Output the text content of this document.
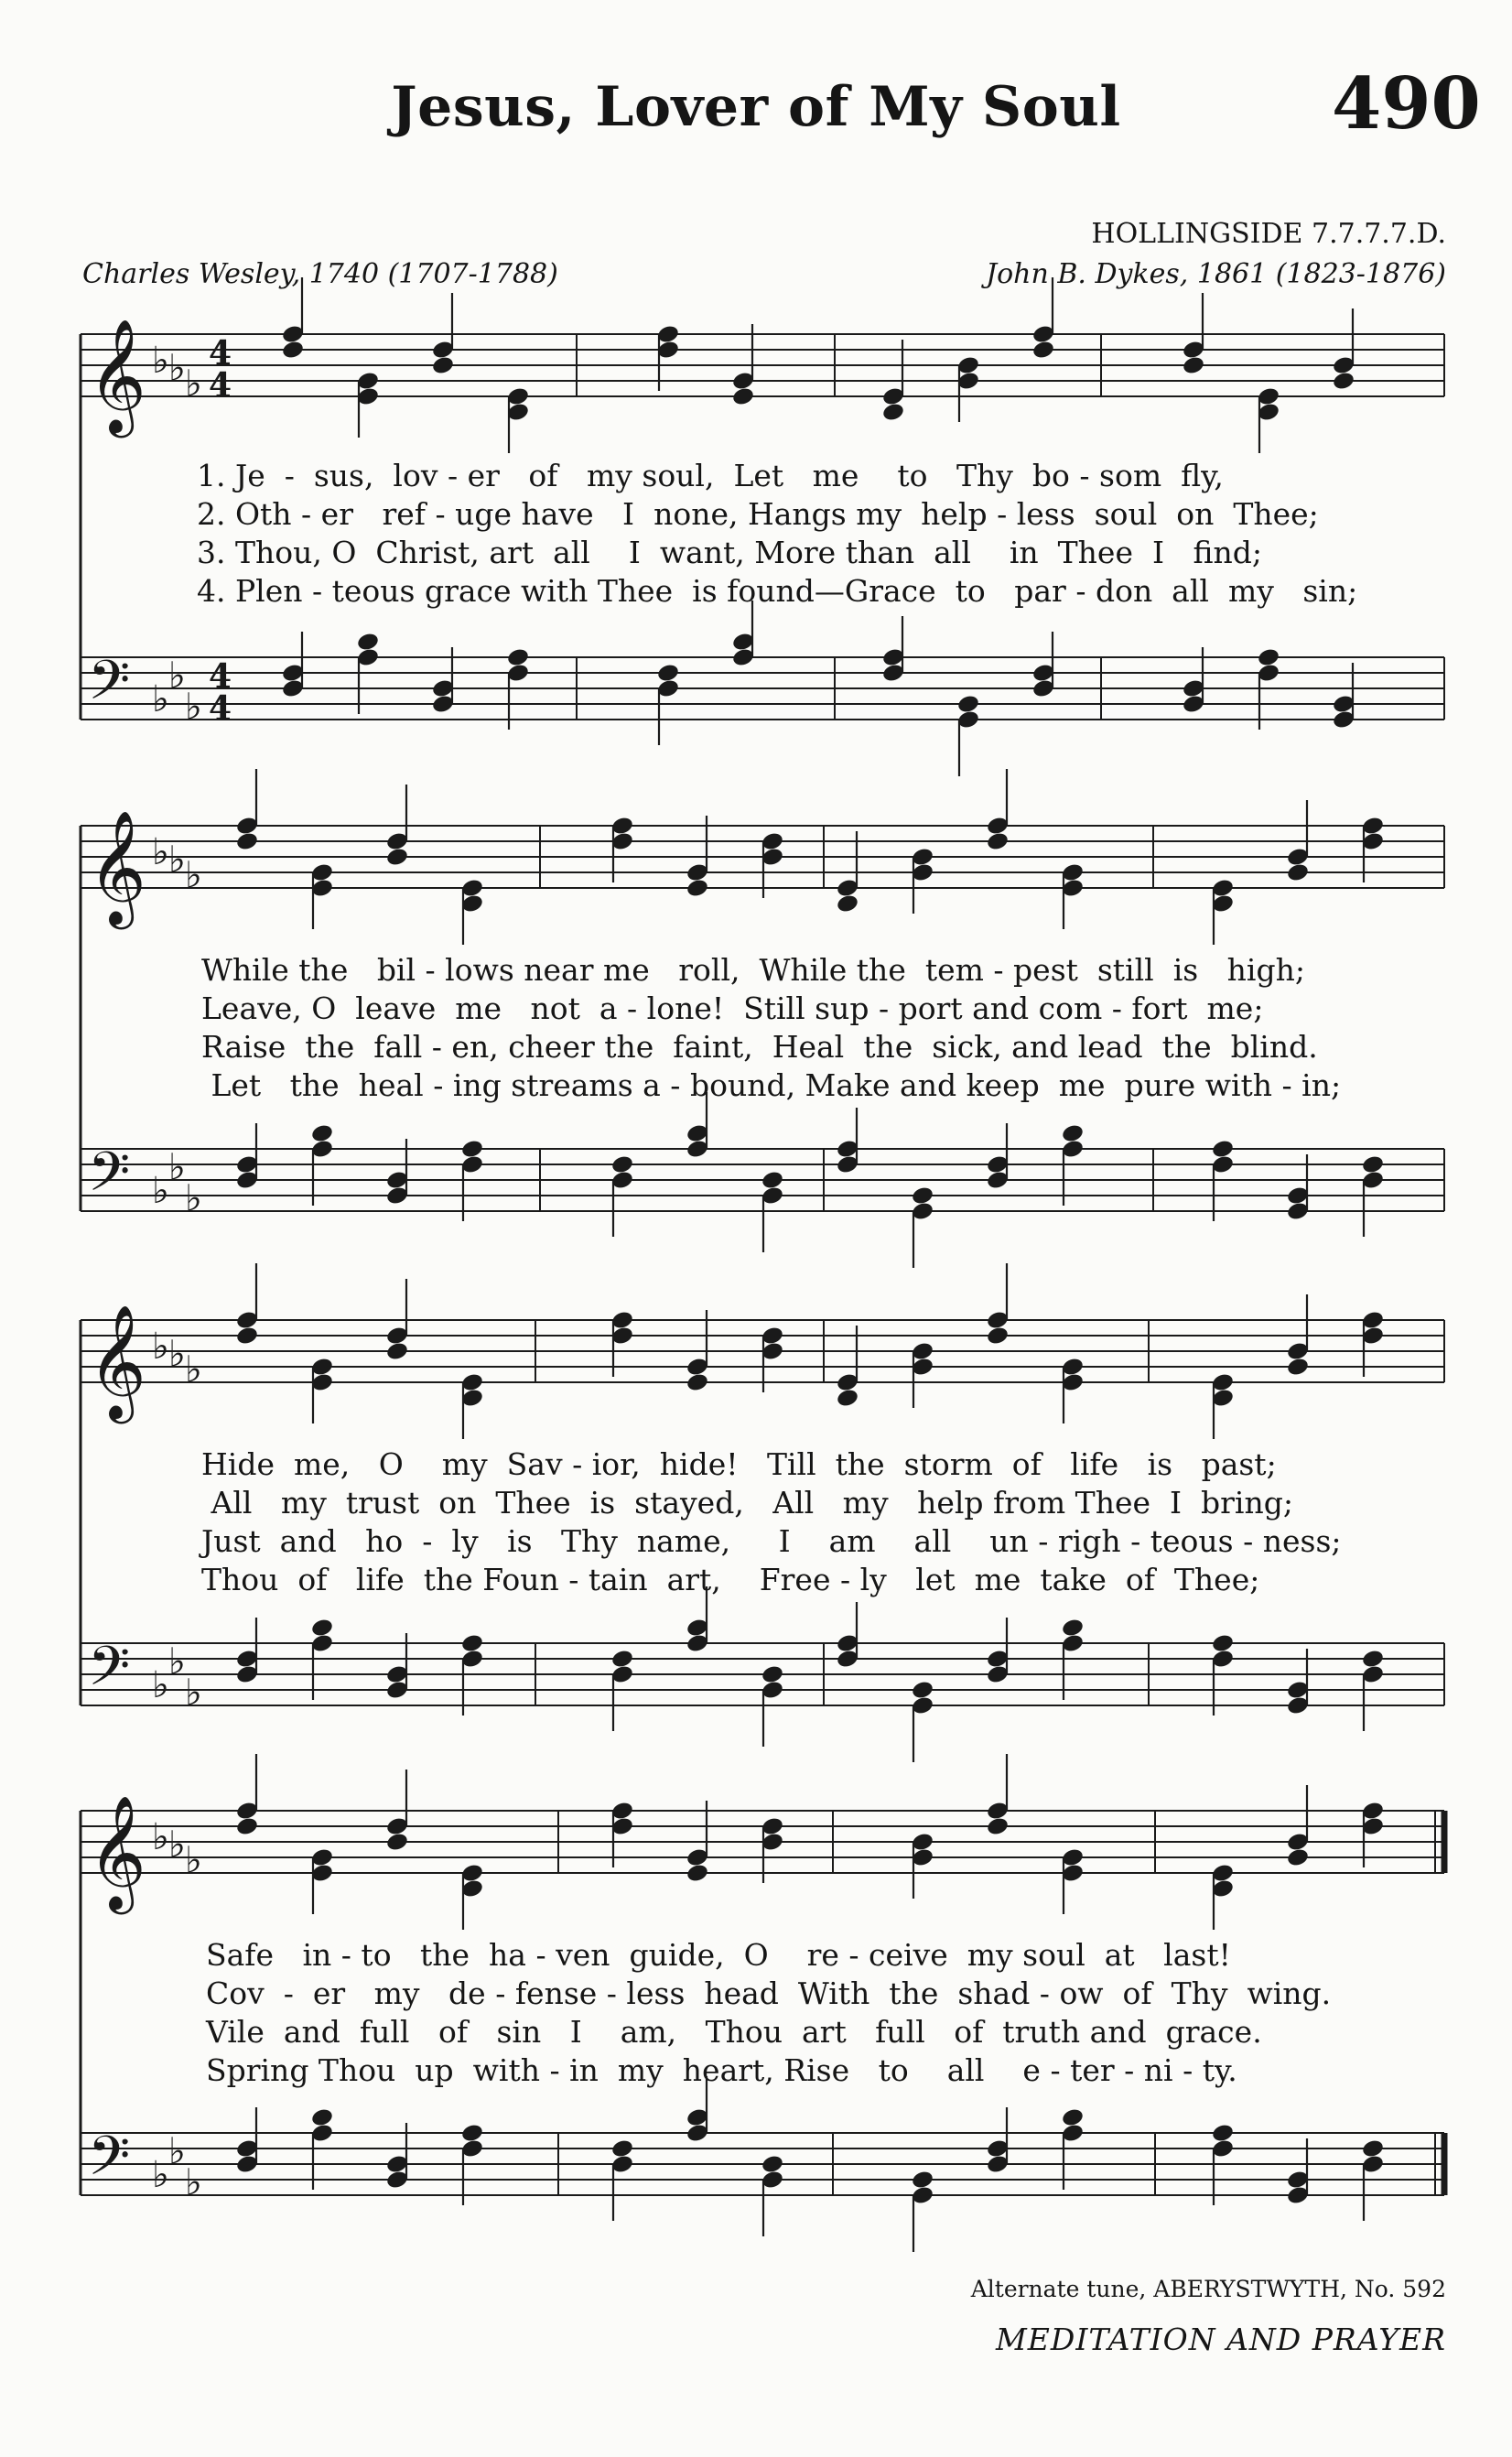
Jesus, Lover of My Soul	490
HOLLINGSIDE 7.7.7.7.D.
Charles Wesley, 1740 (1707-1788)	John B. Dykes, 1861 (1823-1876)
𝄞 ♭ ♭ ♭
4
4
𝄢 ♭
♭
♭
4
4
𝄞 ♭ ♭ ♭
𝄢 ♭
♭
♭
𝄞 ♭ ♭ ♭
𝄢 ♭
♭
♭
𝄞 ♭ ♭ ♭
𝄢 ♭
♭
♭
1. Je  -  sus,  lov - er   of   my soul,  Let   me    to   Thy  bo - som  fly,
2. Oth - er   ref - uge have   I  none, Hangs my  help - less  soul  on  Thee;
3. Thou, O  Christ, art  all    I  want, More than  all    in  Thee  I   find;
4. Plen - teous grace with Thee  is found—Grace  to   par - don  all  my   sin;
While the   bil - lows near me   roll,  While the  tem - pest  still  is   high;
Leave, O  leave  me   not  a - lone!  Still sup - port and com - fort  me;
Raise  the  fall - en, cheer the  faint,  Heal  the  sick, and lead  the  blind.
Let   the  heal - ing streams a - bound, Make and keep  me  pure with - in;
Hide  me,   O    my  Sav - ior,  hide!   Till  the  storm  of   life   is   past;
All   my  trust  on  Thee  is  stayed,   All   my   help from Thee  I  bring;
Just  and   ho  -  ly   is   Thy  name,     I    am    all    un - righ - teous - ness;
Thou  of   life  the Foun - tain  art,    Free - ly   let  me  take  of  Thee;
Safe   in - to   the  ha - ven  guide,  O    re - ceive  my soul  at   last!
Cov  -  er   my   de - fense - less  head  With  the  shad - ow  of  Thy  wing.
Vile  and  full   of   sin   I    am,   Thou  art   full   of  truth and  grace.
Spring Thou  up  with - in  my  heart, Rise   to    all    e - ter - ni - ty.
Alternate tune, ABERYSTWYTH, No. 592
MEDITATION AND PRAYER
